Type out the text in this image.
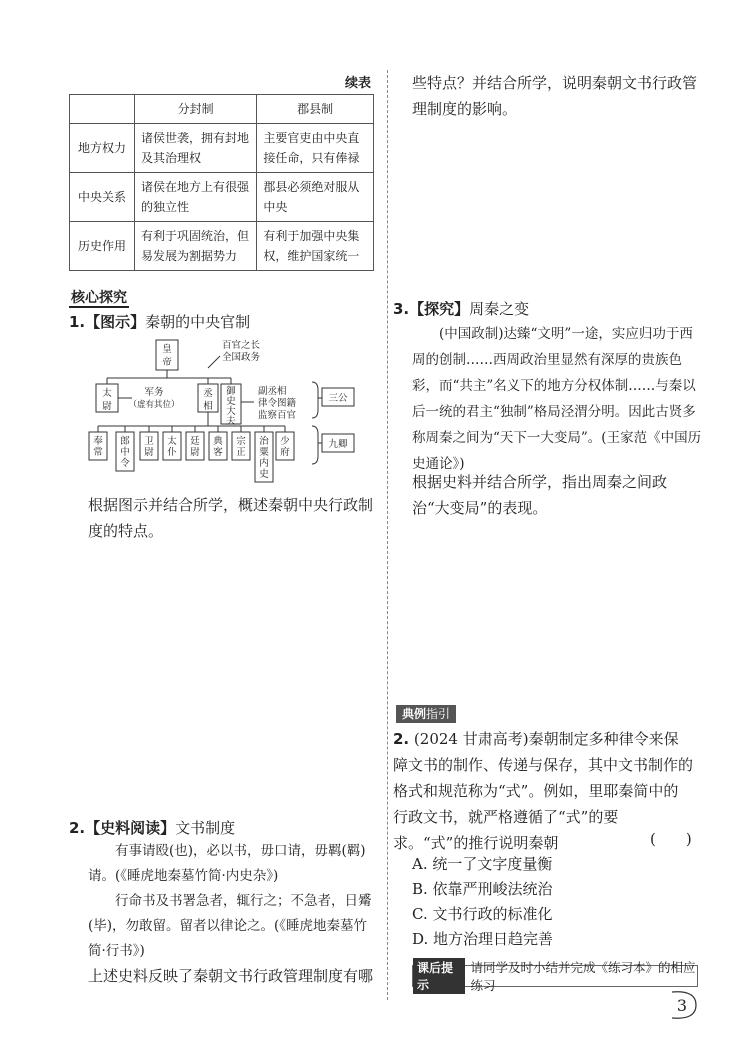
续表
	分封制	郡县制
地方权力	诸侯世袭，拥有封地及其治理权	主要官吏由中央直接任命，只有俸禄
中央关系	诸侯在地方上有很强的独立性	郡县必须绝对服从中央
历史作用	有利于巩固统治，但易发展为割据势力	有利于加强中央集权，维护国家统一
核心探究
1.【图示】秦朝的中央官制
皇帝
百官之长
全国政务
太尉
军务
（虚有其位）
丞相
御史大夫
副丞相
律令图籍
监察百官
三公
九卿
奉常
郎中令
卫尉
太仆
廷尉
典客
宗正
治粟内史
少府
根据图示并结合所学，概述秦朝中央行政制度的特点。
2.【史料阅读】文书制度
有事请殴(也)，必以书，毋口请，毋羁(羁)请。(《睡虎地秦墓竹简·内史杂》)
行命书及书署急者，辄行之；不急者，日觱(毕)，勿敢留。留者以律论之。(《睡虎地秦墓竹简·行书》)
上述史料反映了秦朝文书行政管理制度有哪
些特点？并结合所学，说明秦朝文书行政管理制度的影响。
3.【探究】周秦之变
(中国政制)达臻“文明”一途，实应归功于西周的创制……西周政治里显然有深厚的贵族色彩，而“共主”名义下的地方分权体制……与秦以后一统的君主“独制”格局泾渭分明。因此古贤多称周秦之间为“天下一大变局”。(王家范《中国历史通论》)
根据史料并结合所学，指出周秦之间政治“大变局”的表现。
典例指引
2. (2024 甘肃高考)秦朝制定多种律令来保障文书的制作、传递与保存，其中文书制作的格式和规范称为“式”。例如，里耶秦简中的行政文书，就严格遵循了“式”的要求。“式”的推行说明秦朝	(　　)
A. 统一了文字度量衡
B. 依靠严刑峻法统治
C. 文书行政的标准化
D. 地方治理日趋完善
课后提示
请同学及时小结并完成《练习本》的相应练习
3
